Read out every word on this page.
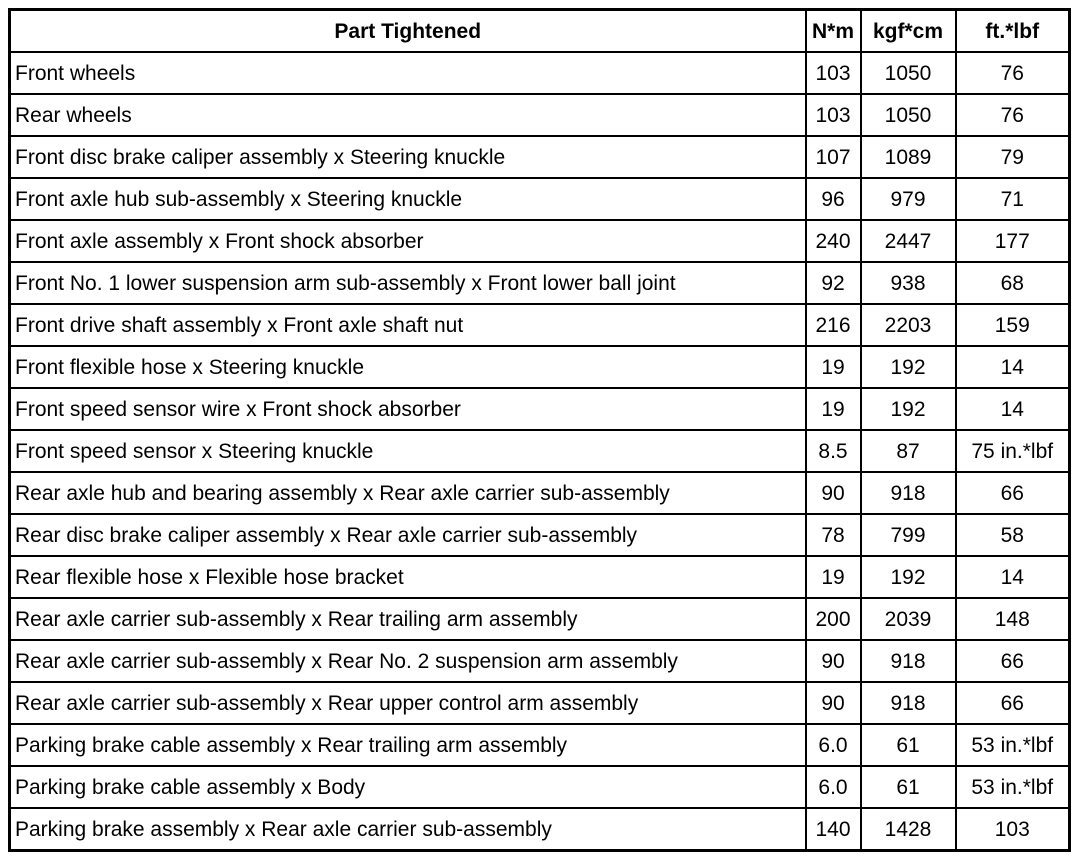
Part Tightened	N*m	kgf*cm	ft.*lbf
Front wheels	103	1050	76
Rear wheels	103	1050	76
Front disc brake caliper assembly x Steering knuckle	107	1089	79
Front axle hub sub-assembly x Steering knuckle	96	979	71
Front axle assembly x Front shock absorber	240	2447	177
Front No. 1 lower suspension arm sub-assembly x Front lower ball joint	92	938	68
Front drive shaft assembly x Front axle shaft nut	216	2203	159
Front flexible hose x Steering knuckle	19	192	14
Front speed sensor wire x Front shock absorber	19	192	14
Front speed sensor x Steering knuckle	8.5	87	75 in.*lbf
Rear axle hub and bearing assembly x Rear axle carrier sub-assembly	90	918	66
Rear disc brake caliper assembly x Rear axle carrier sub-assembly	78	799	58
Rear flexible hose x Flexible hose bracket	19	192	14
Rear axle carrier sub-assembly x Rear trailing arm assembly	200	2039	148
Rear axle carrier sub-assembly x Rear No. 2 suspension arm assembly	90	918	66
Rear axle carrier sub-assembly x Rear upper control arm assembly	90	918	66
Parking brake cable assembly x Rear trailing arm assembly	6.0	61	53 in.*lbf
Parking brake cable assembly x Body	6.0	61	53 in.*lbf
Parking brake assembly x Rear axle carrier sub-assembly	140	1428	103
